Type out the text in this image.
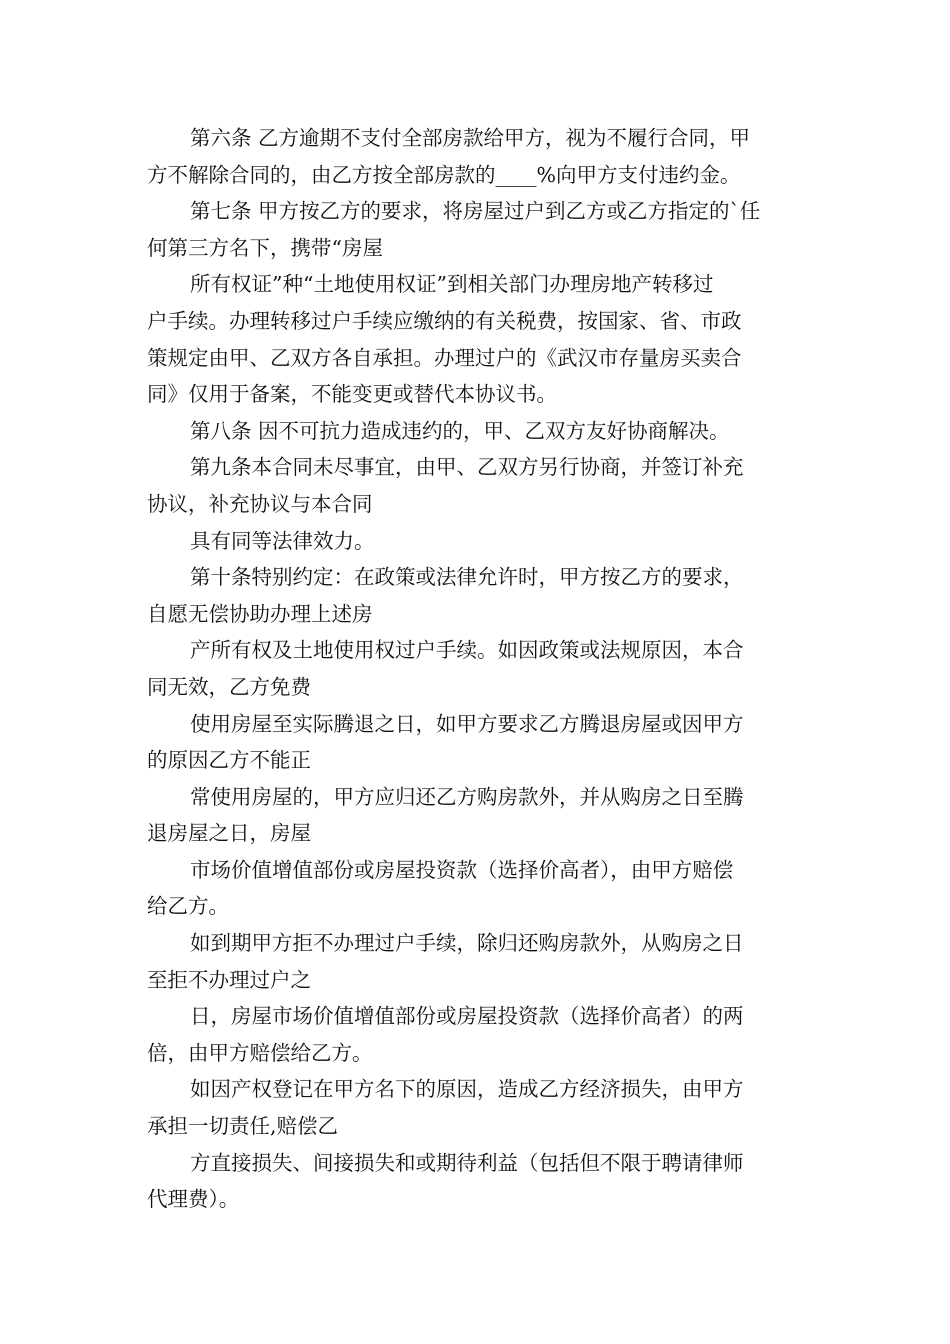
第六条 乙方逾期不支付全部房款给甲方，视为不履行合同，甲
方不解除合同的，由乙方按全部房款的____%向甲方支付违约金。
第七条 甲方按乙方的要求，将房屋过户到乙方或乙方指定的`任
何第三方名下，携带“房屋
所有权证”种“土地使用权证”到相关部门办理房地产转移过
户手续。办理转移过户手续应缴纳的有关税费，按国家、省、市政
策规定由甲、乙双方各自承担。办理过户的《武汉市存量房买卖合
同》仅用于备案，不能变更或替代本协议书。
第八条 因不可抗力造成违约的，甲、乙双方友好协商解决。
第九条本合同未尽事宜，由甲、乙双方另行协商，并签订补充
协议，补充协议与本合同
具有同等法律效力。
第十条特别约定：在政策或法律允许时，甲方按乙方的要求，
自愿无偿协助办理上述房
产所有权及土地使用权过户手续。如因政策或法规原因，本合
同无效，乙方免费
使用房屋至实际腾退之日，如甲方要求乙方腾退房屋或因甲方
的原因乙方不能正
常使用房屋的，甲方应归还乙方购房款外，并从购房之日至腾
退房屋之日，房屋
市场价值增值部份或房屋投资款（选择价高者），由甲方赔偿
给乙方。
如到期甲方拒不办理过户手续，除归还购房款外，从购房之日
至拒不办理过户之
日，房屋市场价值增值部份或房屋投资款（选择价高者）的两
倍，由甲方赔偿给乙方。
如因产权登记在甲方名下的原因，造成乙方经济损失，由甲方
承担一切责任,赔偿乙
方直接损失、间接损失和或期待利益（包括但不限于聘请律师
代理费）。
